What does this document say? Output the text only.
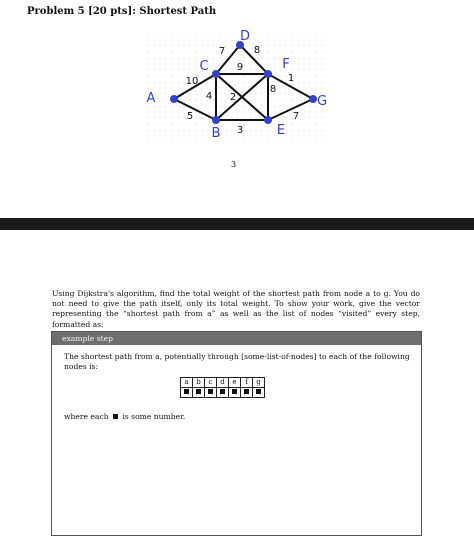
Problem 5 [20 pts]: Shortest Path
10
5
4
7
9
8
2
8
1
7
3
A
B
C
D
E
F
G
3
Using Dijkstra's algorithm, find the total weight of the shortest path from node a to g. You do not need to give the path itself, only its total weight. To show your work, give the vector representing the “shortest path from a” as well as the list of nodes “visited” every step, formatted as:
example step
The shortest path from a, potentially through [some-list-of-nodes] to each of the following nodes is:
a	b	c	d	e	f	g

where each is some number.
